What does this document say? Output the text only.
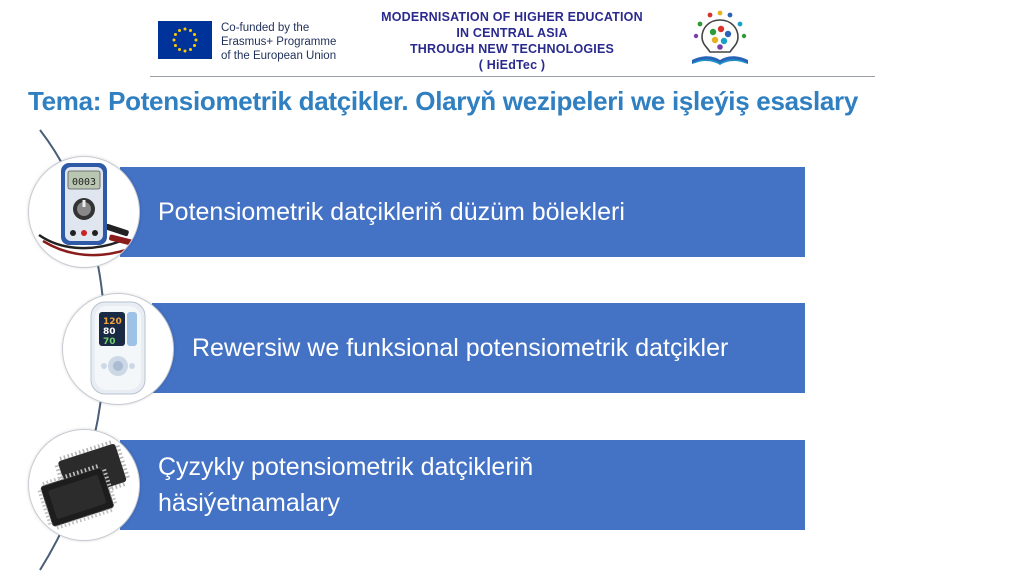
Co-funded by the
Erasmus+ Programme
of the European Union
MODERNISATION OF HIGHER EDUCATION
IN CENTRAL ASIA
THROUGH NEW TECHNOLOGIES
( HiEdTec )
Tema: Potensiometrik datçikler. Olaryň wezipeleri we işleýiş esaslary
Potensiometrik datçikleriň düzüm bölekleri
0003
Rewersiw we funksional potensiometrik datçikler
120
80
70
Çyzykly potensiometrik datçikleriň häsiýetnamalary
